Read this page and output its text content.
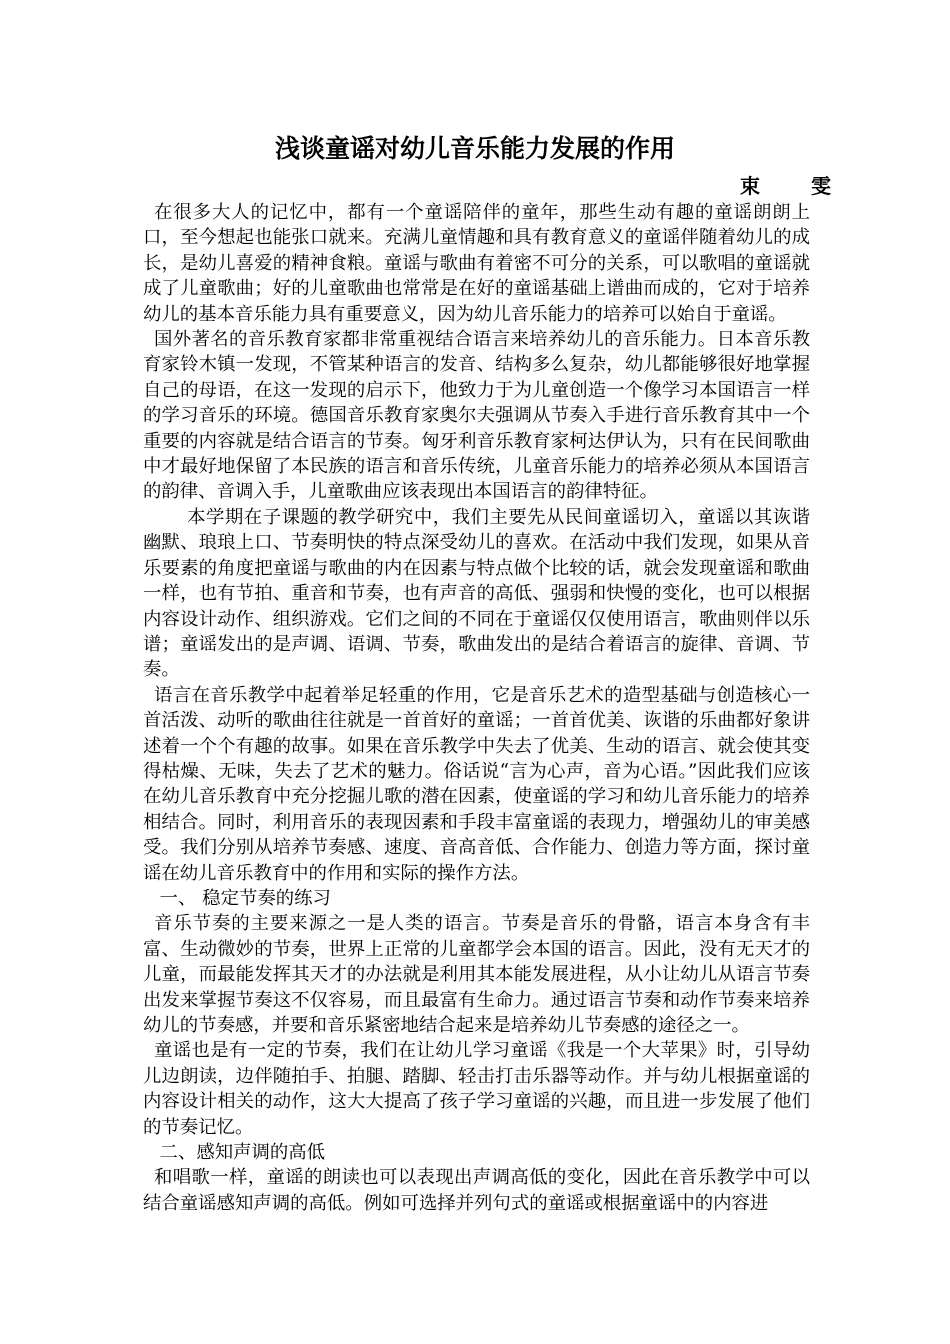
浅谈童谣对幼儿音乐能力发展的作用
束 雯

在很多大人的记忆中，都有一个童谣陪伴的童年，那些生动有趣的童谣朗朗上口，至今想起也能张口就来。充满儿童情趣和具有教育意义的童谣伴随着幼儿的成长，是幼儿喜爱的精神食粮。童谣与歌曲有着密不可分的关系，可以歌唱的童谣就成了儿童歌曲；好的儿童歌曲也常常是在好的童谣基础上谱曲而成的，它对于培养幼儿的基本音乐能力具有重要意义，因为幼儿音乐能力的培养可以始自于童谣。

国外著名的音乐教育家都非常重视结合语言来培养幼儿的音乐能力。日本音乐教育家铃木镇一发现，不管某种语言的发音、结构多么复杂，幼儿都能够很好地掌握自己的母语，在这一发现的启示下，他致力于为儿童创造一个像学习本国语言一样的学习音乐的环境。德国音乐教育家奥尔夫强调从节奏入手进行音乐教育其中一个重要的内容就是结合语言的节奏。匈牙利音乐教育家柯达伊认为，只有在民间歌曲中才最好地保留了本民族的语言和音乐传统，儿童音乐能力的培养必须从本国语言的韵律、音调入手，儿童歌曲应该表现出本国语言的韵律特征。

本学期在子课题的教学研究中，我们主要先从民间童谣切入，童谣以其诙谐幽默、琅琅上口、节奏明快的特点深受幼儿的喜欢。在活动中我们发现，如果从音乐要素的角度把童谣与歌曲的内在因素与特点做个比较的话，就会发现童谣和歌曲一样，也有节拍、重音和节奏，也有声音的高低、强弱和快慢的变化，也可以根据内容设计动作、组织游戏。它们之间的不同在于童谣仅仅使用语言，歌曲则伴以乐谱；童谣发出的是声调、语调、节奏，歌曲发出的是结合着语言的旋律、音调、节奏。

语言在音乐教学中起着举足轻重的作用，它是音乐艺术的造型基础与创造核心一首活泼、动听的歌曲往往就是一首首好的童谣；一首首优美、诙谐的乐曲都好象讲述着一个个有趣的故事。如果在音乐教学中失去了优美、生动的语言、就会使其变得枯燥、无味，失去了艺术的魅力。俗话说“言为心声，音为心语。”因此我们应该在幼儿音乐教育中充分挖掘儿歌的潜在因素，使童谣的学习和幼儿音乐能力的培养相结合。同时，利用音乐的表现因素和手段丰富童谣的表现力，增强幼儿的审美感受。我们分别从培养节奏感、速度、音高音低、合作能力、创造力等方面，探讨童谣在幼儿音乐教育中的作用和实际的操作方法。

一、 稳定节奏的练习

音乐节奏的主要来源之一是人类的语言。节奏是音乐的骨骼，语言本身含有丰富、生动微妙的节奏，世界上正常的儿童都学会本国的语言。因此，没有无天才的儿童，而最能发挥其天才的办法就是利用其本能发展进程，从小让幼儿从语言节奏出发来掌握节奏这不仅容易，而且最富有生命力。通过语言节奏和动作节奏来培养幼儿的节奏感，并要和音乐紧密地结合起来是培养幼儿节奏感的途径之一。

童谣也是有一定的节奏，我们在让幼儿学习童谣《我是一个大苹果》时，引导幼儿边朗读，边伴随拍手、拍腿、踏脚、轻击打击乐器等动作。并与幼儿根据童谣的内容设计相关的动作，这大大提高了孩子学习童谣的兴趣，而且进一步发展了他们的节奏记忆。

二、感知声调的高低

和唱歌一样，童谣的朗读也可以表现出声调高低的变化，因此在音乐教学中可以结合童谣感知声调的高低。例如可选择并列句式的童谣或根据童谣中的内容进
